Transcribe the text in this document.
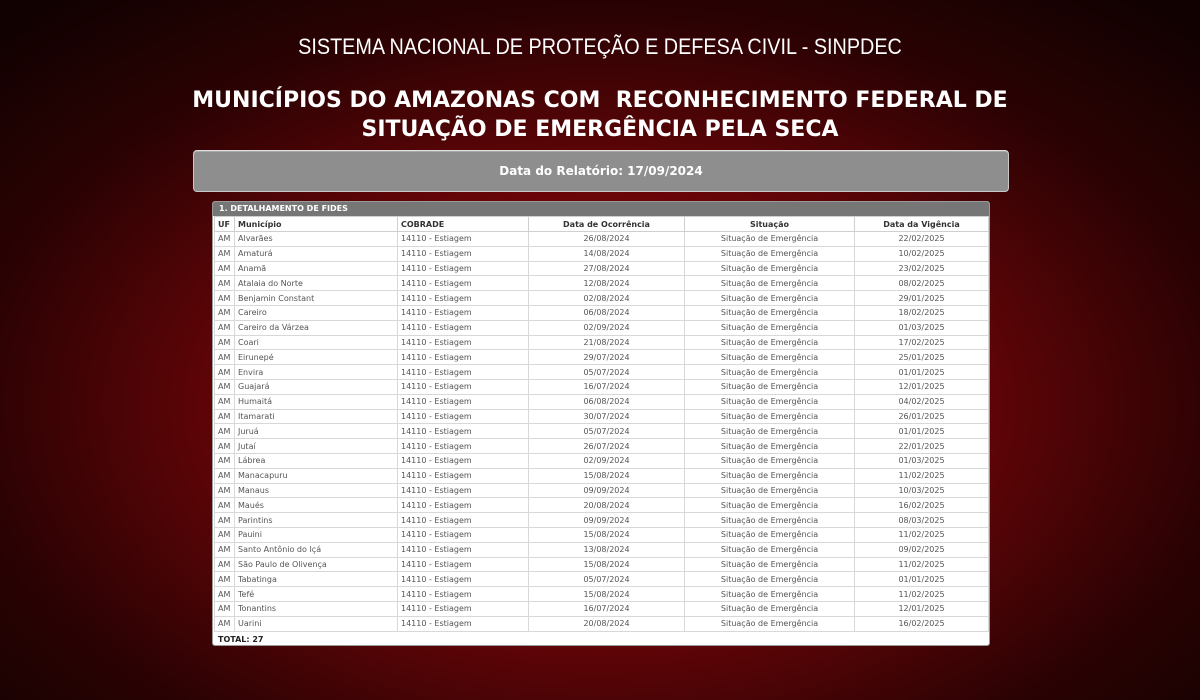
SISTEMA NACIONAL DE PROTEÇÃO E DEFESA CIVIL - SINPDEC
MUNICÍPIOS DO AMAZONAS COM  RECONHECIMENTO FEDERAL DE
SITUAÇÃO DE EMERGÊNCIA PELA SECA
Data do Relatório: 17/09/2024
1. DETALHAMENTO DE FIDES
UF	Município	COBRADE	Data de Ocorrência	Situação	Data da Vigência
AM	Alvarães	14110 - Estiagem	26/08/2024	Situação de Emergência	22/02/2025
AM	Amaturá	14110 - Estiagem	14/08/2024	Situação de Emergência	10/02/2025
AM	Anamã	14110 - Estiagem	27/08/2024	Situação de Emergência	23/02/2025
AM	Atalaia do Norte	14110 - Estiagem	12/08/2024	Situação de Emergência	08/02/2025
AM	Benjamin Constant	14110 - Estiagem	02/08/2024	Situação de Emergência	29/01/2025
AM	Careiro	14110 - Estiagem	06/08/2024	Situação de Emergência	18/02/2025
AM	Careiro da Várzea	14110 - Estiagem	02/09/2024	Situação de Emergência	01/03/2025
AM	Coari	14110 - Estiagem	21/08/2024	Situação de Emergência	17/02/2025
AM	Eirunepé	14110 - Estiagem	29/07/2024	Situação de Emergência	25/01/2025
AM	Envira	14110 - Estiagem	05/07/2024	Situação de Emergência	01/01/2025
AM	Guajará	14110 - Estiagem	16/07/2024	Situação de Emergência	12/01/2025
AM	Humaitá	14110 - Estiagem	06/08/2024	Situação de Emergência	04/02/2025
AM	Itamarati	14110 - Estiagem	30/07/2024	Situação de Emergência	26/01/2025
AM	Juruá	14110 - Estiagem	05/07/2024	Situação de Emergência	01/01/2025
AM	Jutaí	14110 - Estiagem	26/07/2024	Situação de Emergência	22/01/2025
AM	Lábrea	14110 - Estiagem	02/09/2024	Situação de Emergência	01/03/2025
AM	Manacapuru	14110 - Estiagem	15/08/2024	Situação de Emergência	11/02/2025
AM	Manaus	14110 - Estiagem	09/09/2024	Situação de Emergência	10/03/2025
AM	Maués	14110 - Estiagem	20/08/2024	Situação de Emergência	16/02/2025
AM	Parintins	14110 - Estiagem	09/09/2024	Situação de Emergência	08/03/2025
AM	Pauini	14110 - Estiagem	15/08/2024	Situação de Emergência	11/02/2025
AM	Santo Antônio do Içá	14110 - Estiagem	13/08/2024	Situação de Emergência	09/02/2025
AM	São Paulo de Olivença	14110 - Estiagem	15/08/2024	Situação de Emergência	11/02/2025
AM	Tabatinga	14110 - Estiagem	05/07/2024	Situação de Emergência	01/01/2025
AM	Tefé	14110 - Estiagem	15/08/2024	Situação de Emergência	11/02/2025
AM	Tonantins	14110 - Estiagem	16/07/2024	Situação de Emergência	12/01/2025
AM	Uarini	14110 - Estiagem	20/08/2024	Situação de Emergência	16/02/2025
TOTAL: 27
